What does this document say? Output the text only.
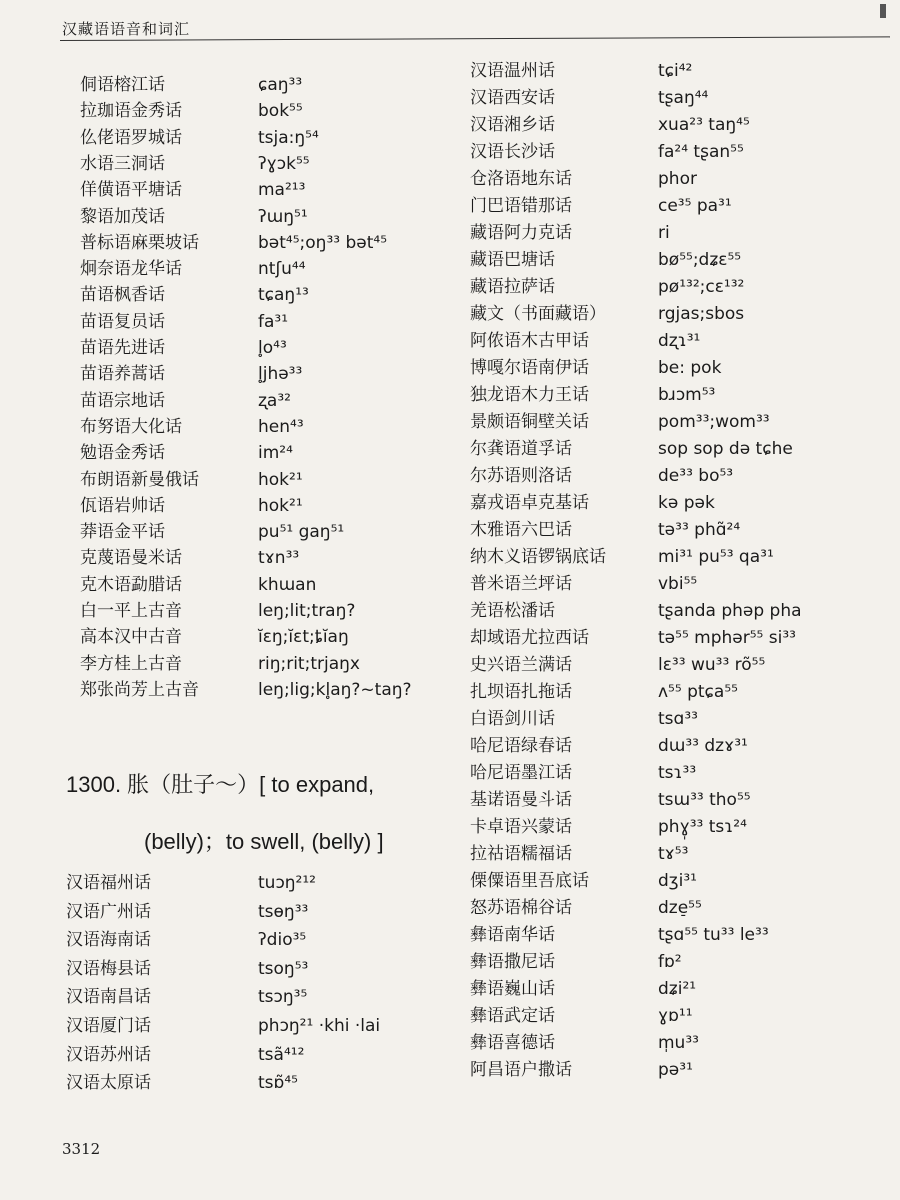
汉藏语语音和词汇
侗语榕江话	ɕaŋ³³
拉珈语金秀话	bok⁵⁵
仫佬语罗城话	tsja:ŋ⁵⁴
水语三洞话	ʔɣɔk⁵⁵
佯僙语平塘话	ma²¹³
黎语加茂话	ʔɯŋ⁵¹
普标语麻栗坡话	bət⁴⁵;oŋ³³ bət⁴⁵
炯奈语龙华话	ntʃu⁴⁴
苗语枫香话	tɕaŋ¹³
苗语复员话	fa³¹
苗语先进话	l̥o⁴³
苗语养蒿话	l̥jhə³³
苗语宗地话	ʐa³²
布努语大化话	hen⁴³
勉语金秀话	im²⁴
布朗语新曼俄话	hok²¹
佤语岩帅话	hok²¹
莽语金平话	pu⁵¹ gaŋ⁵¹
克蔑语曼米话	tɤn³³
克木语勐腊话	khɯan
白一平上古音	leŋ;lit;traŋ?
高本汉中古音	ĭɛŋ;ĭɛt;ȶĭaŋ
李方桂上古音	riŋ;rit;trjaŋx
郑张尚芳上古音	leŋ;lig;kl̥aŋ?~taŋ?
1300. 胀（肚子～）[ to expand,
(belly)；to swell, (belly) ]
汉语福州话	tuɔŋ²¹²
汉语广州话	tsɵŋ³³
汉语海南话	ʔdio³⁵
汉语梅县话	tsoŋ⁵³
汉语南昌话	tsɔŋ³⁵
汉语厦门话	phɔŋ²¹ ·khi ·lai
汉语苏州话	tsã⁴¹²
汉语太原话	tsɒ̃⁴⁵
汉语温州话	tɕi⁴²
汉语西安话	tʂaŋ⁴⁴
汉语湘乡话	xua²³ taŋ⁴⁵
汉语长沙话	fa²⁴ tʂan⁵⁵
仓洛语地东话	phor
门巴语错那话	ce³⁵ pa³¹
藏语阿力克话	ri
藏语巴塘话	bø⁵⁵;dʑɛ⁵⁵
藏语拉萨话	pø¹³²;cɛ¹³²
藏文（书面藏语）	rgjas;sbos
阿侬语木古甲话	dʐɿ³¹
博嘎尔语南伊话	be: pok
独龙语木力王话	bɹɔm⁵³
景颇语铜壁关话	pom³³;wom³³
尔龚语道孚话	sop sop də tɕhe
尔苏语则洛话	de³³ bo⁵³
嘉戎语卓克基话	kə pək
木雅语六巴话	tə³³ phɑ̃²⁴
纳木义语锣锅底话	mi³¹ pu⁵³ qa³¹
普米语兰坪话	vbi⁵⁵
羌语松潘话	tʂanda phəp pha
却域语尤拉西话	tə⁵⁵ mphər⁵⁵ si³³
史兴语兰满话	lɛ³³ wu³³ rõ⁵⁵
扎坝语扎拖话	ʌ⁵⁵ ptɕa⁵⁵
白语剑川话	tsɑ³³
哈尼语绿春话	dɯ³³ dzɤ³¹
哈尼语墨江话	tsɿ³³
基诺语曼斗话	tsɯ³³ tho⁵⁵
卡卓语兴蒙话	phɣ̩³³ tsɿ²⁴
拉祜语糯福话	tɤ⁵³
傈僳语里吾底话	dʒi³¹
怒苏语棉谷话	dze̠⁵⁵
彝语南华话	tʂɑ⁵⁵ tu³³ le³³
彝语撒尼话	fɒ²
彝语巍山话	dʑi²¹
彝语武定话	ɣɒ¹¹
彝语喜德话	m̩u³³
阿昌语户撒话	pə³¹
3312
